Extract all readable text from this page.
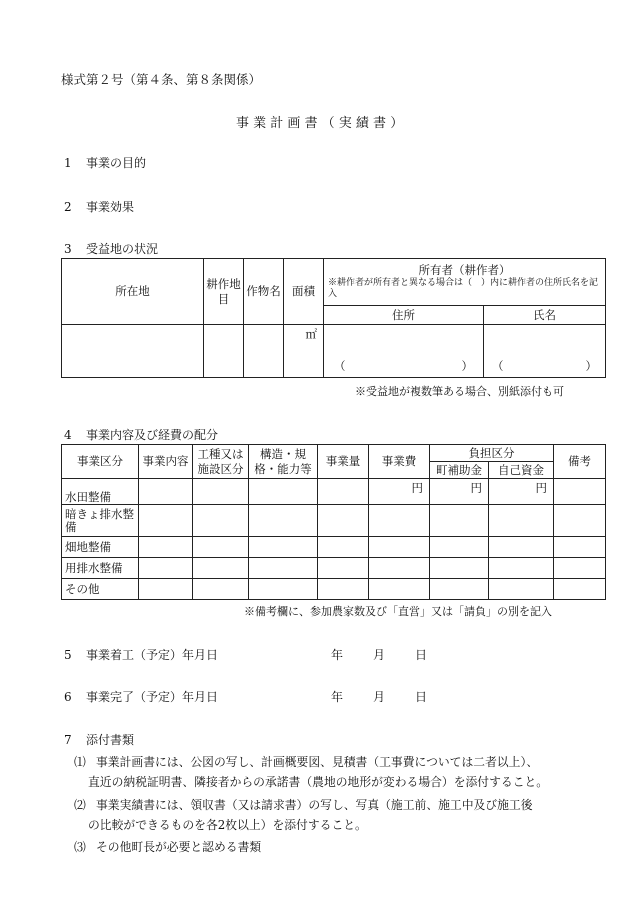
様式第２号（第４条、第８条関係）
事 業 計 画 書 （ 実 績 書 ）
1 事業の目的
2 事業効果
3 受益地の状況
所在地	耕作地目	作物名	面積	所有者（耕作者）
※耕作者が所有者と異なる場合は（　）内に耕作者の住所氏名を記入	

				住所	氏名
			㎡	（ ）	（ ）
※受益地が複数筆ある場合、別紙添付も可
4 事業内容及び経費の配分
事業区分	事業内容	工種又は施設区分	構造・規格・能力等	事業量	事業費	負担区分		備考
						町補助金	自己資金	
水田整備					円	円	円	
暗きょ排水整備								
畑地整備								
用排水整備								
その他								
※備考欄に、参加農家数及び「直営」又は「請負」の別を記入
5 事業着工（予定）年月日	年	月	日
6 事業完了（予定）年月日	年	月	日
7 添付書類
⑴ 事業計画書には、公図の写し、計画概要図、見積書（工事費については二者以上）、
直近の納税証明書、隣接者からの承諾書（農地の地形が変わる場合）を添付すること。
⑵ 事業実績書には、領収書（又は請求書）の写し、写真（施工前、施工中及び施工後
の比較ができるものを各2枚以上）を添付すること。
⑶ その他町長が必要と認める書類
